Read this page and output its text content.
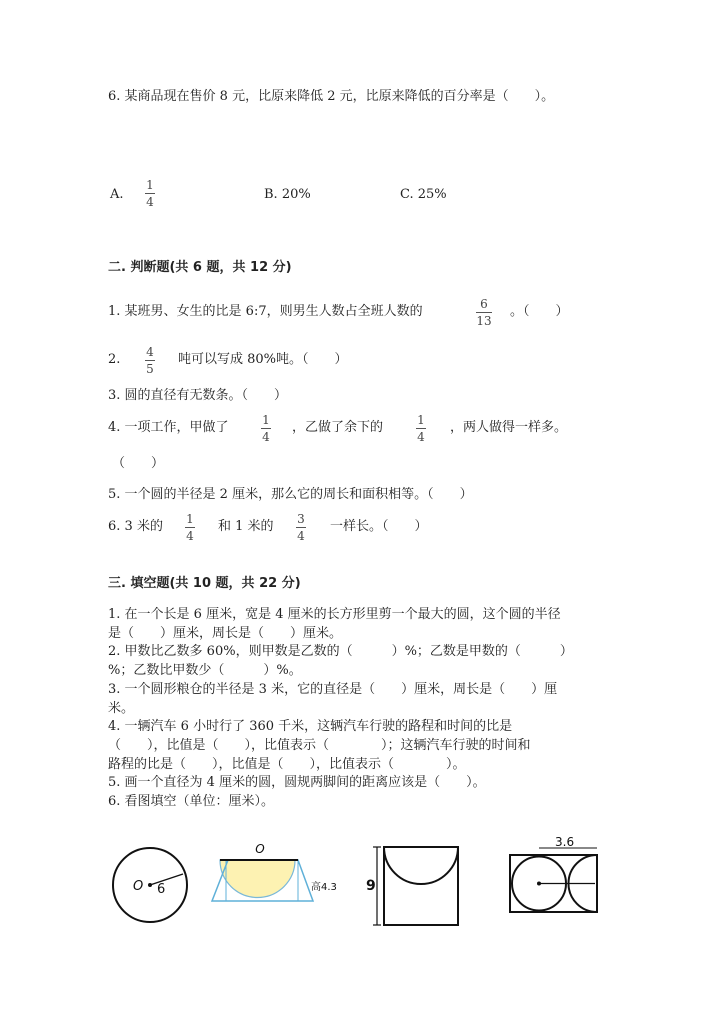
6. 某商品现在售价 8 元，比原来降低 2 元，比原来降低的百分率是（　　）。
A.
1
4	B. 20%	C. 25%
二. 判断题(共 6 题，共 12 分)
1. 某班男、女生的比是 6:7，则男生人数占全班人数的	6
13
。（　　）
2. 4
5
吨可以写成 80%吨。（　　）
3. 圆的直径有无数条。（　　）
4. 一项工作，甲做了	1
4
，乙做了余下的	1
4
，两人做得一样多。
（　　）
5. 一个圆的半径是 2 厘米，那么它的周长和面积相等。（　　）
6. 3 米的 1
4
和 1 米的 3
4
一样长。（　　）
三. 填空题(共 10 题，共 22 分)
1. 在一个长是 6 厘米，宽是 4 厘米的长方形里剪一个最大的圆，这个圆的半径
是（　　）厘米，周长是（　　）厘米。
2. 甲数比乙数多 60%，则甲数是乙数的（　　　）%；乙数是甲数的（　　　）
%；乙数比甲数少（　　　）%。
3. 一个圆形粮仓的半径是 3 米，它的直径是（　　）厘米，周长是（　　）厘
米。
4. 一辆汽车 6 小时行了 360 千米，这辆汽车行驶的路程和时间的比是
（　　），比值是（　　），比值表示（　　　　）；这辆汽车行驶的时间和
路程的比是（　　），比值是（　　），比值表示（　　　　）。
5. 画一个直径为 4 厘米的圆，圆规两脚间的距离应该是（　　）。
6. 看图填空（单位：厘米）。
O 6
O
高4.3 9
3.6
